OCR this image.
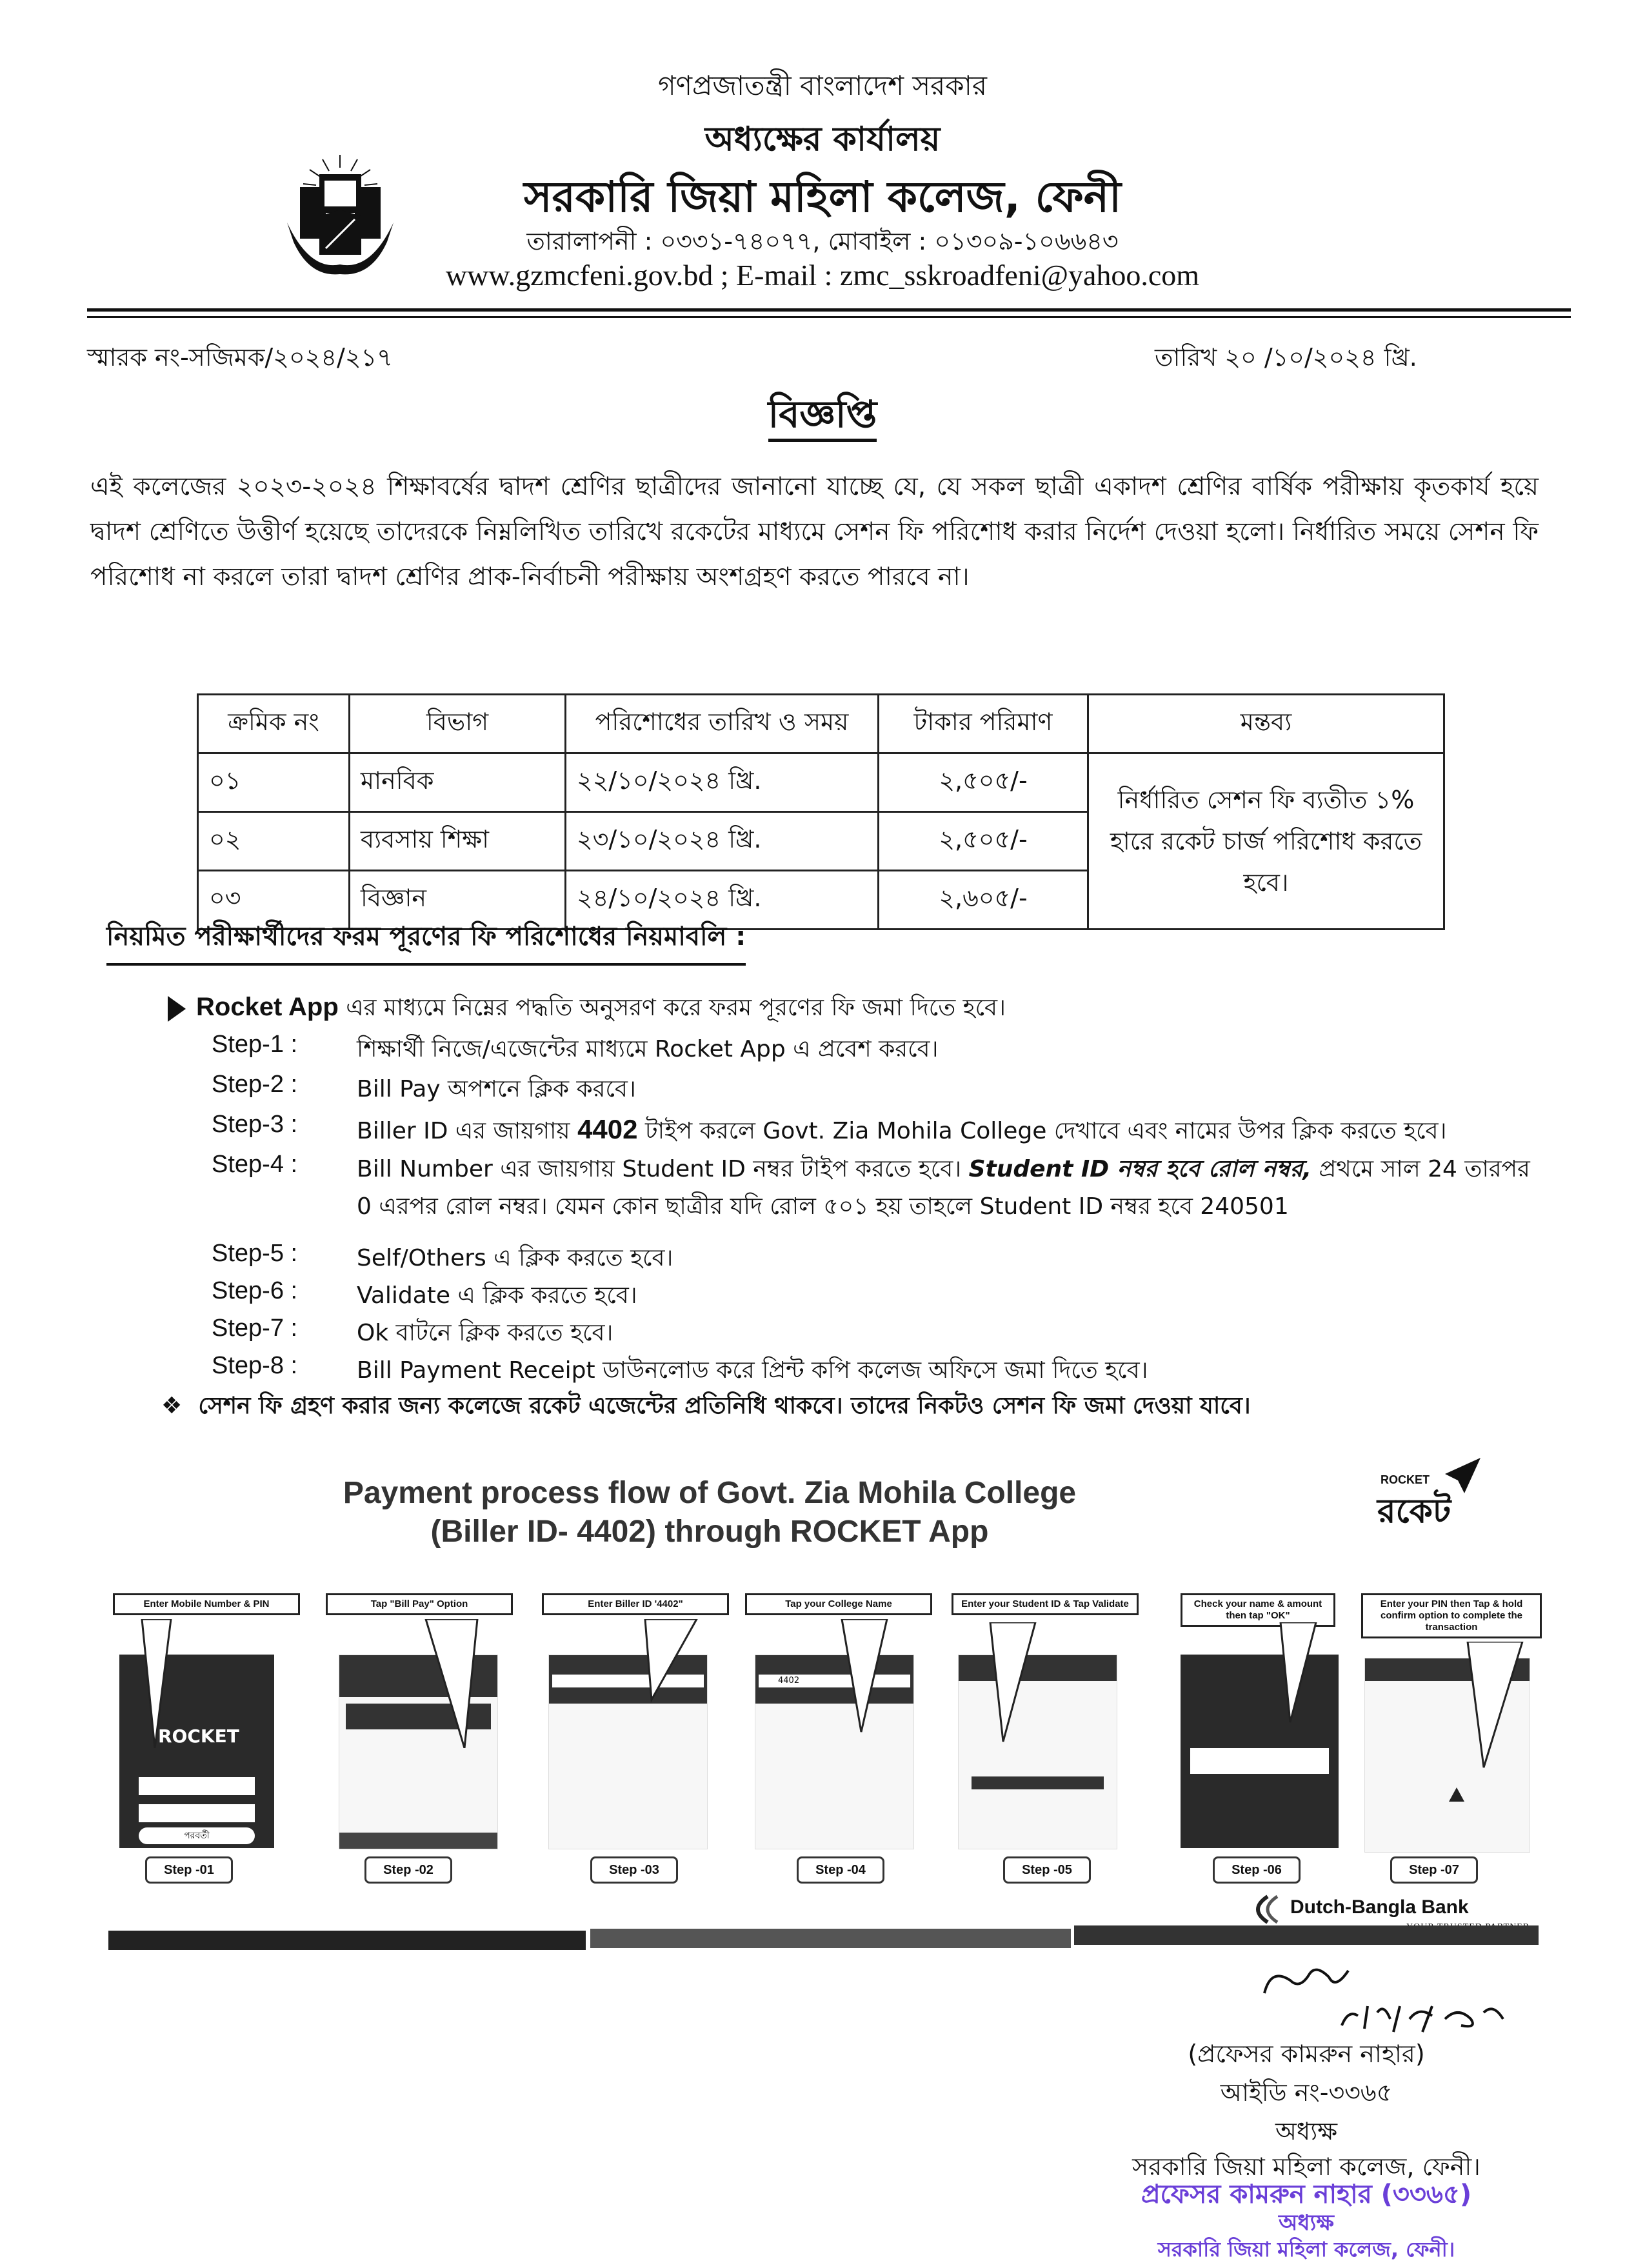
গণপ্রজাতন্ত্রী বাংলাদেশ সরকার
অধ্যক্ষের কার্যালয়
সরকারি জিয়া মহিলা কলেজ, ফেনী
তারালাপনী : ০৩৩১-৭৪০৭৭, মোবাইল : ০১৩০৯-১০৬৬৪৩
www.gzmcfeni.gov.bd ; E-mail : zmc_sskroadfeni@yahoo.com
স্মারক নং-সজিমক/২০২৪/২১৭	তারিখ ২০ /১০/২০২৪ খ্রি.
বিজ্ঞপ্তি
এই কলেজের ২০২৩-২০২৪ শিক্ষাবর্ষের দ্বাদশ শ্রেণির ছাত্রীদের জানানো যাচ্ছে যে, যে সকল ছাত্রী একাদশ শ্রেণির বার্ষিক পরীক্ষায় কৃতকার্য হয়ে দ্বাদশ শ্রেণিতে উত্তীর্ণ হয়েছে তাদেরকে নিম্নলিখিত তারিখে রকেটের মাধ্যমে সেশন ফি পরিশোধ করার নির্দেশ দেওয়া হলো। নির্ধারিত সময়ে সেশন ফি পরিশোধ না করলে তারা দ্বাদশ শ্রেণির প্রাক-নির্বাচনী পরীক্ষায় অংশগ্রহণ করতে পারবে না।
ক্রমিক নং	বিভাগ	পরিশোধের তারিখ ও সময়	টাকার পরিমাণ	মন্তব্য
০১	মানবিক	২২/১০/২০২৪ খ্রি.	২,৫০৫/-	নির্ধারিত সেশন ফি ব্যতীত ১% হারে রকেট চার্জ পরিশোধ করতে হবে।
০২	ব্যবসায় শিক্ষা	২৩/১০/২০২৪ খ্রি.	২,৫০৫/-	
০৩	বিজ্ঞান	২৪/১০/২০২৪ খ্রি.	২,৬০৫/-	
নিয়মিত পরীক্ষার্থীদের ফরম পূরণের ফি পরিশোধের নিয়মাবলি :
Rocket App এর মাধ্যমে নিম্নের পদ্ধতি অনুসরণ করে ফরম পূরণের ফি জমা দিতে হবে।
Step-1 :	শিক্ষার্থী নিজে/এজেন্টের মাধ্যমে Rocket App এ প্রবেশ করবে।
Step-2 :	Bill Pay অপশনে ক্লিক করবে।
Step-3 :	Biller ID এর জায়গায় 4402 টাইপ করলে Govt. Zia Mohila College দেখাবে এবং নামের উপর ক্লিক করতে হবে।
Step-4 :	Bill Number এর জায়গায় Student ID নম্বর টাইপ করতে হবে। Student ID নম্বর হবে রোল নম্বর, প্রথমে সাল 24 তারপর 0 এরপর রোল নম্বর। যেমন কোন ছাত্রীর যদি রোল ৫০১ হয় তাহলে Student ID নম্বর হবে 240501
Step-5 :	Self/Others এ ক্লিক করতে হবে।
Step-6 :	Validate এ ক্লিক করতে হবে।
Step-7 :	Ok বাটনে ক্লিক করতে হবে।
Step-8 :	Bill Payment Receipt ডাউনলোড করে প্রিন্ট কপি কলেজ অফিসে জমা দিতে হবে।
❖ সেশন ফি গ্রহণ করার জন্য কলেজে রকেট এজেন্টের প্রতিনিধি থাকবে। তাদের নিকটও সেশন ফি জমা দেওয়া যাবে।
Payment process flow of Govt. Zia Mohila College
(Biller ID- 4402) through ROCKET App
ROCKET
রকেট
Enter Mobile Number & PIN
ROCKET
পরবর্তী
Step -01
Tap "Bill Pay" Option
Step -02
Enter Biller ID '4402"
Step -03
Tap your College Name
4402
Step -04
Enter your Student ID & Tap Validate
Step -05
Check your name & amount then tap "OK"
Step -06
Enter your PIN then Tap & hold confirm option to complete the transaction
Step -07
Dutch-Bangla Bank
(প্রফেসর কামরুন নাহার)
আইডি নং-৩৩৬৫
অধ্যক্ষ
সরকারি জিয়া মহিলা কলেজ, ফেনী।
প্রফেসর কামরুন নাহার (৩৩৬৫)
অধ্যক্ষ
সরকারি জিয়া মহিলা কলেজ, ফেনী।
